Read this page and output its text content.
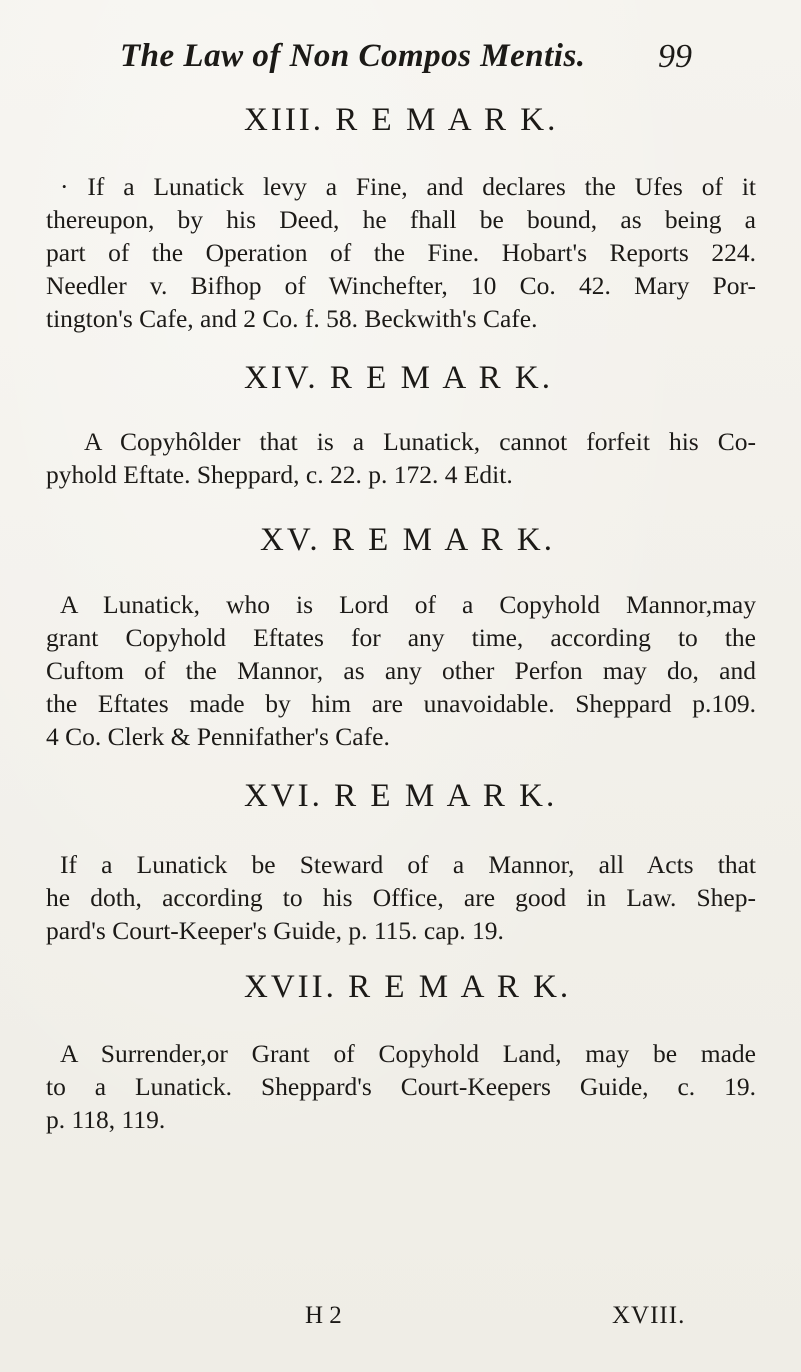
The Law of Non Compos Mentis. 99
XIII. R E M A R K.
· If a Lunatick levy a Fine, and declares the Ufes of it
thereupon, by his Deed, he fhall be bound, as being a
part of the Operation of the Fine. Hobart's Reports 224.
Needler v. Bifhop of Winchefter, 10 Co. 42. Mary Por-
tington's Cafe, and 2 Co. f. 58. Beckwith's Cafe.
XIV. R E M A R K.
A Copyhôlder that is a Lunatick, cannot forfeit his Co-
pyhold Eftate. Sheppard, c. 22. p. 172. 4 Edit.
XV. R E M A R K.
A Lunatick, who is Lord of a Copyhold Mannor,may
grant Copyhold Eftates for any time, according to the
Cuftom of the Mannor, as any other Perfon may do, and
the Eftates made by him are unavoidable. Sheppard p.109.
4 Co. Clerk & Pennifather's Cafe.
XVI. R E M A R K.
If a Lunatick be Steward of a Mannor, all Acts that
he doth, according to his Office, are good in Law. Shep-
pard's Court-Keeper's Guide, p. 115. cap. 19.
XVII. R E M A R K.
A Surrender,or Grant of Copyhold Land, may be made
to a Lunatick. Sheppard's Court-Keepers Guide, c. 19.
p. 118, 119.
H 2	XVIII.
